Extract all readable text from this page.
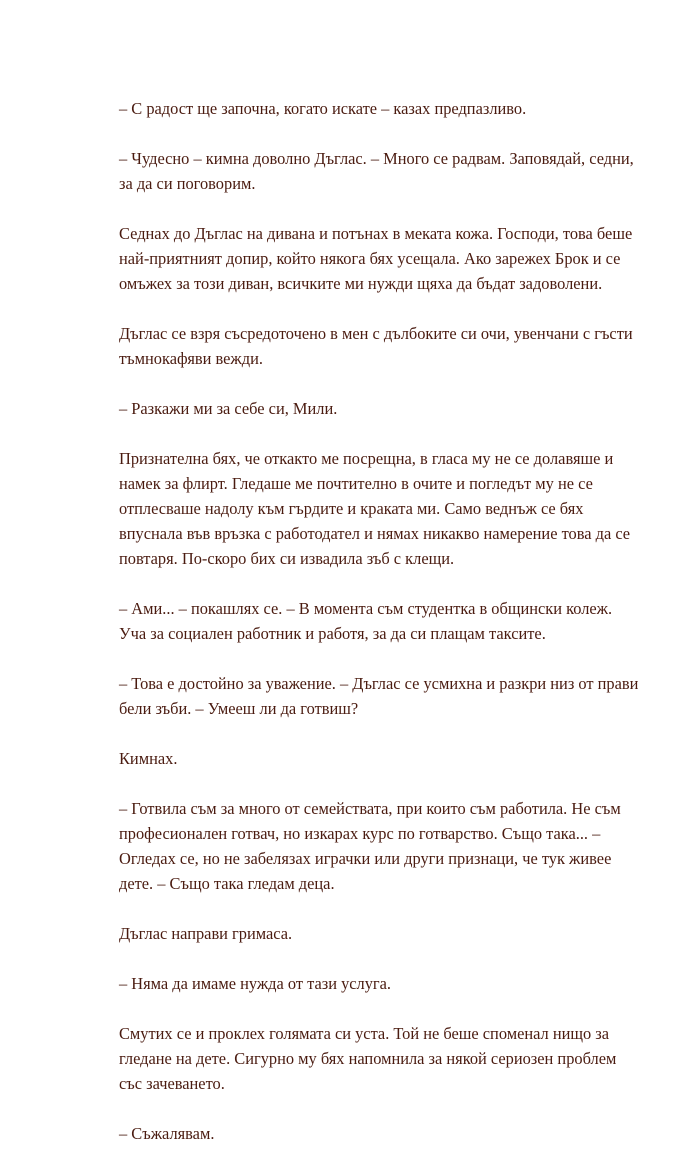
– С радост ще започна, когато искате – казах предпазливо.
– Чудесно – кимна доволно Дъглас. – Много се радвам. Заповядай, седни,
за да си поговорим.
Седнах до Дъглас на дивана и потънах в меката кожа. Господи, това беше
най-приятният допир, който някога бях усещала. Ако зарежех Брок и се
омъжех за този диван, всичките ми нужди щяха да бъдат задоволени.
Дъглас се взря съсредоточено в мен с дълбоките си очи, увенчани с гъсти
тъмнокафяви вежди.
– Разкажи ми за себе си, Мили.
Признателна бях, че откакто ме посрещна, в гласа му не се долавяше и
намек за флирт. Гледаше ме почтително в очите и погледът му не се
отплесваше надолу към гърдите и краката ми. Само веднъж се бях
впуснала във връзка с работодател и нямах никакво намерение това да се
повтаря. По-скоро бих си извадила зъб с клещи.
– Ами... – покашлях се. – В момента съм студентка в общински колеж.
Уча за социален работник и работя, за да си плащам таксите.
– Това е достойно за уважение. – Дъглас се усмихна и разкри низ от прави
бели зъби. – Умееш ли да готвиш?
Кимнах.
– Готвила съм за много от семействата, при които съм работила. Не съм
професионален готвач, но изкарах курс по готварство. Също така... –
Огледах се, но не забелязах играчки или други признаци, че тук живее
дете. – Също така гледам деца.
Дъглас направи гримаса.
– Няма да имаме нужда от тази услуга.
Смутих се и проклех голямата си уста. Той не беше споменал нищо за
гледане на дете. Сигурно му бях напомнила за някой сериозен проблем
със зачеването.
– Съжалявам.
